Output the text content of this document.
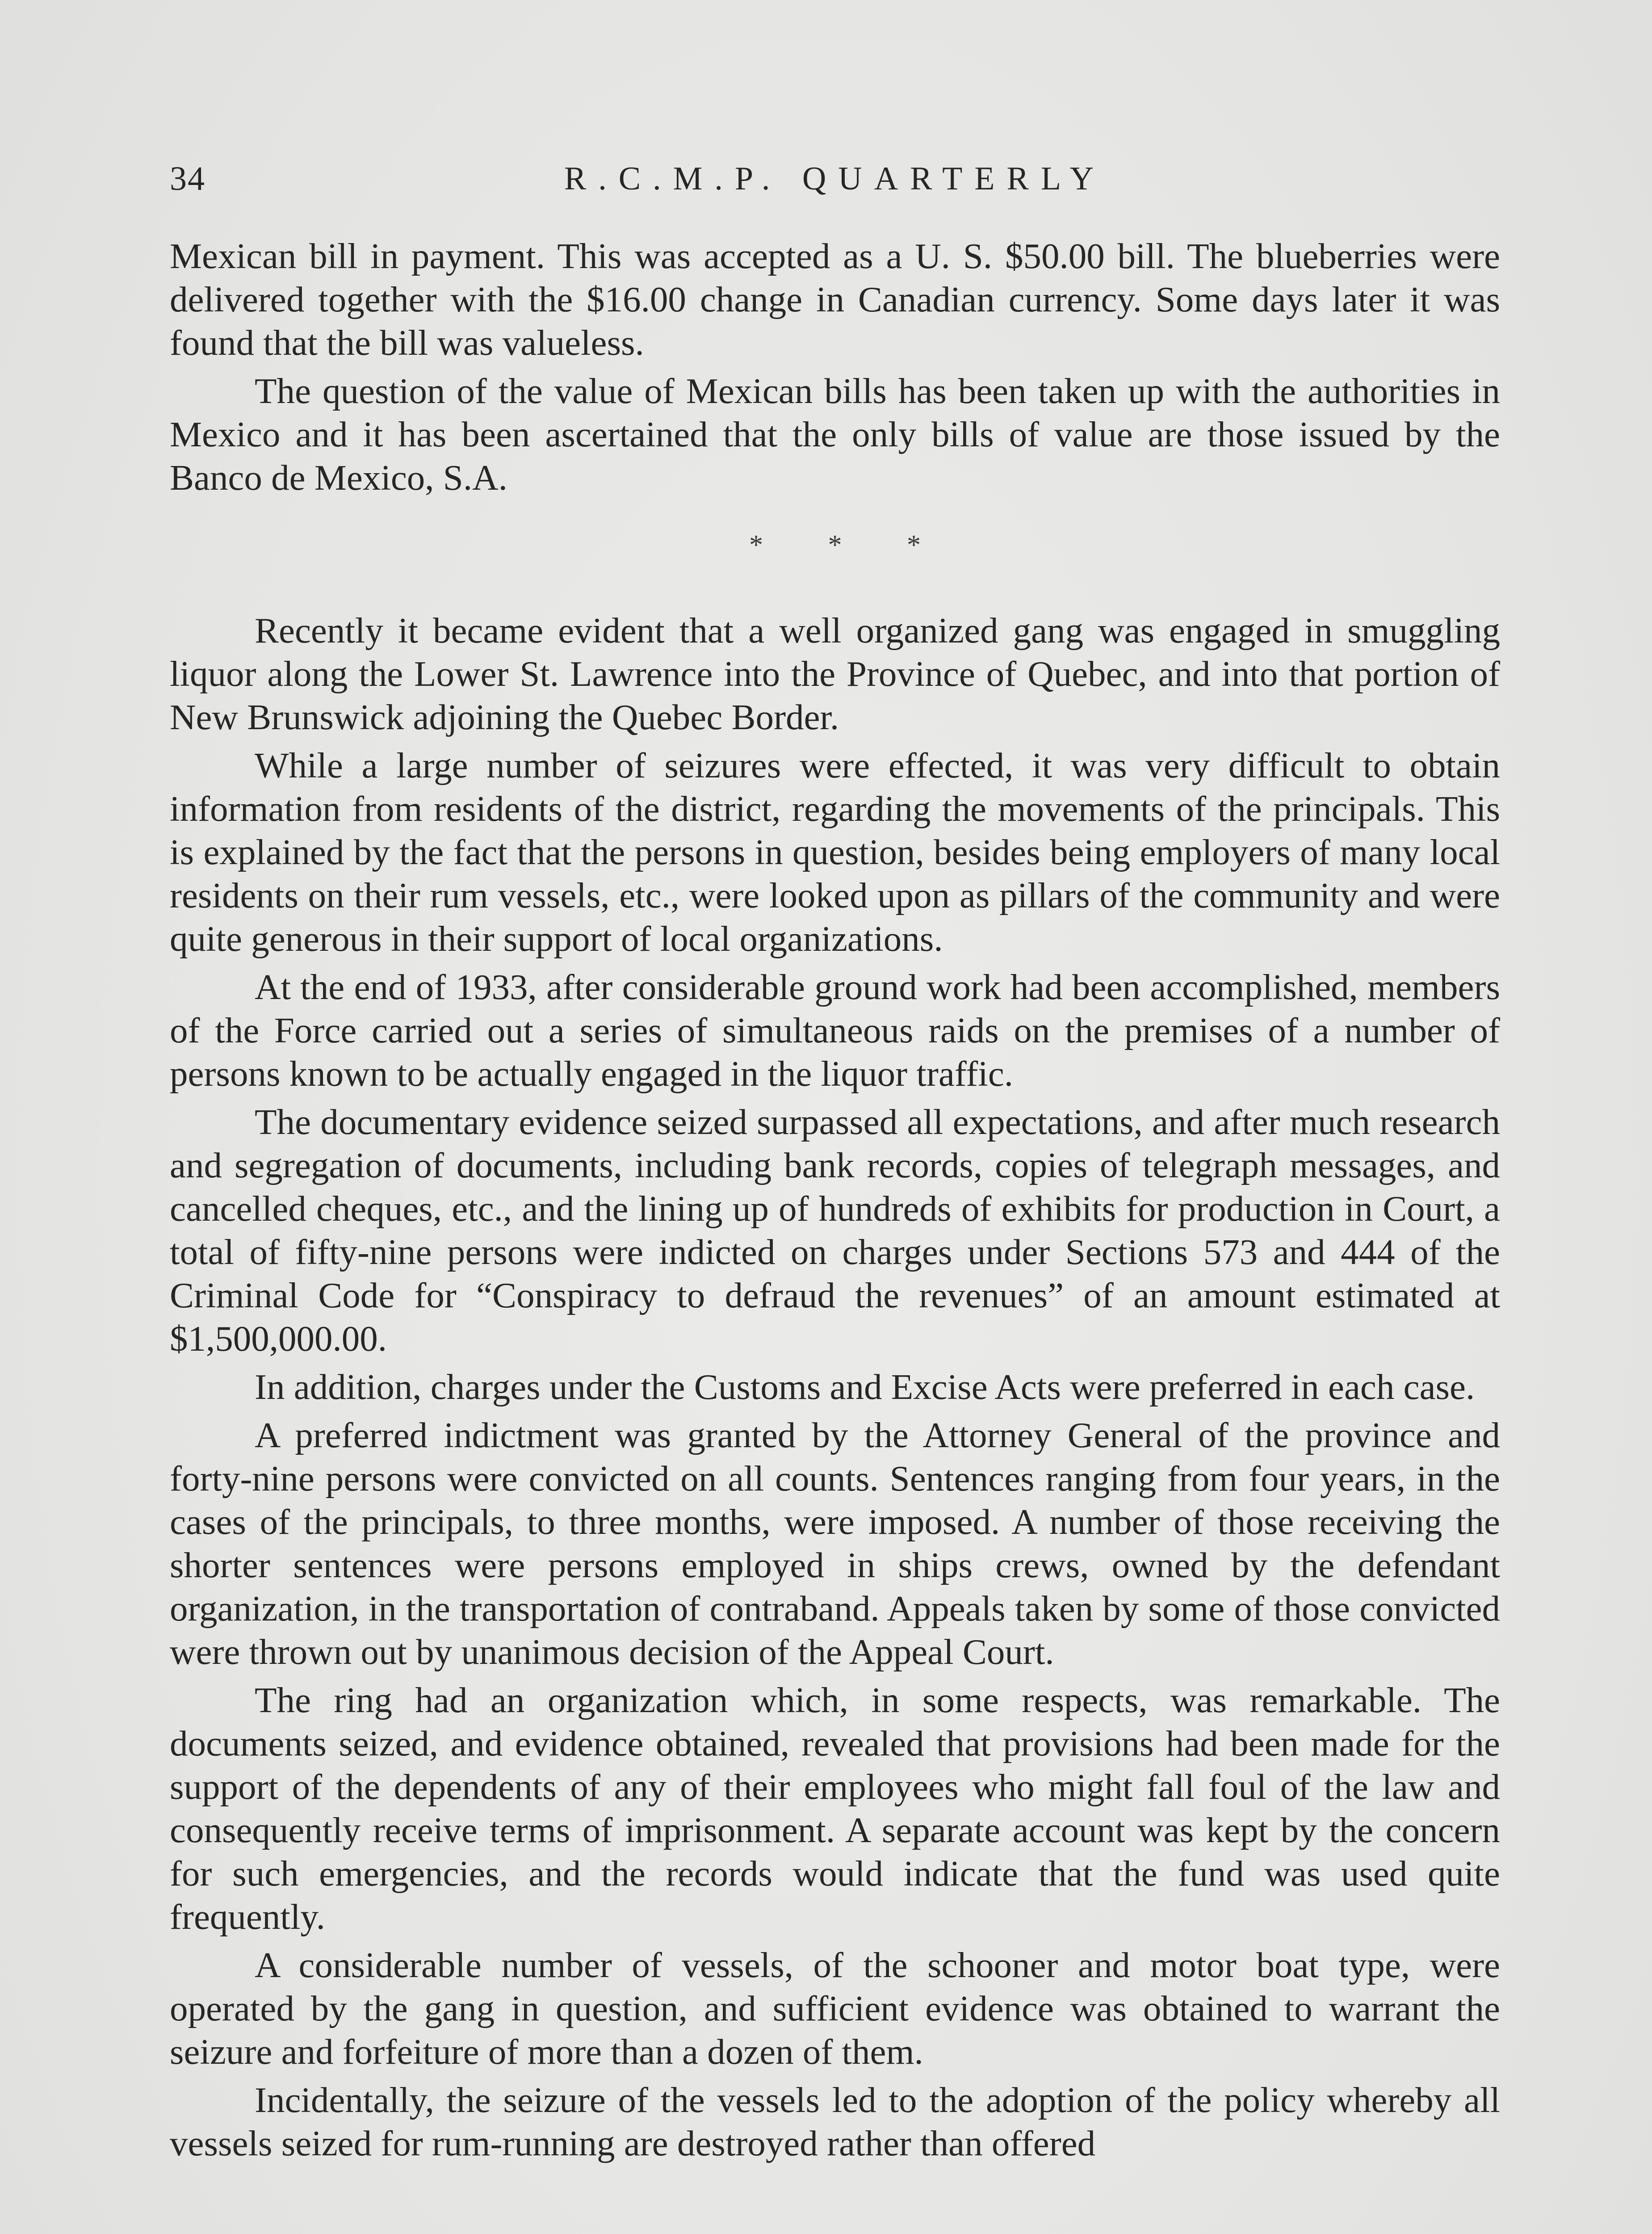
34	R.C.M.P. QUARTERLY

Mexican bill in payment. This was accepted as a U. S. $50.00 bill. The blueberries were delivered together with the $16.00 change in Canadian currency. Some days later it was found that the bill was valueless.

The question of the value of Mexican bills has been taken up with the authorities in Mexico and it has been ascertained that the only bills of value are those issued by the Banco de Mexico, S.A.

* * *

Recently it became evident that a well organized gang was engaged in smuggling liquor along the Lower St. Lawrence into the Province of Quebec, and into that portion of New Brunswick adjoining the Quebec Border.

While a large number of seizures were effected, it was very difficult to obtain information from residents of the district, regarding the movements of the principals. This is explained by the fact that the persons in question, besides being employers of many local residents on their rum vessels, etc., were looked upon as pillars of the community and were quite generous in their support of local organizations.

At the end of 1933, after considerable ground work had been accomplished, members of the Force carried out a series of simultaneous raids on the premises of a number of persons known to be actually engaged in the liquor traffic.

The documentary evidence seized surpassed all expectations, and after much research and segregation of documents, including bank records, copies of telegraph messages, and cancelled cheques, etc., and the lining up of hundreds of exhibits for production in Court, a total of fifty-nine persons were indicted on charges under Sections 573 and 444 of the Criminal Code for “Conspiracy to defraud the revenues” of an amount estimated at $1,500,000.00.

In addition, charges under the Customs and Excise Acts were preferred in each case.

A preferred indictment was granted by the Attorney General of the province and forty-nine persons were convicted on all counts. Sentences ranging from four years, in the cases of the principals, to three months, were imposed. A number of those receiving the shorter sentences were persons employed in ships crews, owned by the defendant organization, in the transportation of contraband. Appeals taken by some of those convicted were thrown out by unanimous decision of the Appeal Court.

The ring had an organization which, in some respects, was remarkable. The documents seized, and evidence obtained, revealed that provisions had been made for the support of the dependents of any of their employees who might fall foul of the law and consequently receive terms of imprisonment. A separate account was kept by the concern for such emergencies, and the records would indicate that the fund was used quite frequently.

A considerable number of vessels, of the schooner and motor boat type, were operated by the gang in question, and sufficient evidence was obtained to warrant the seizure and forfeiture of more than a dozen of them.

Incidentally, the seizure of the vessels led to the adoption of the policy whereby all vessels seized for rum-running are destroyed rather than offered
